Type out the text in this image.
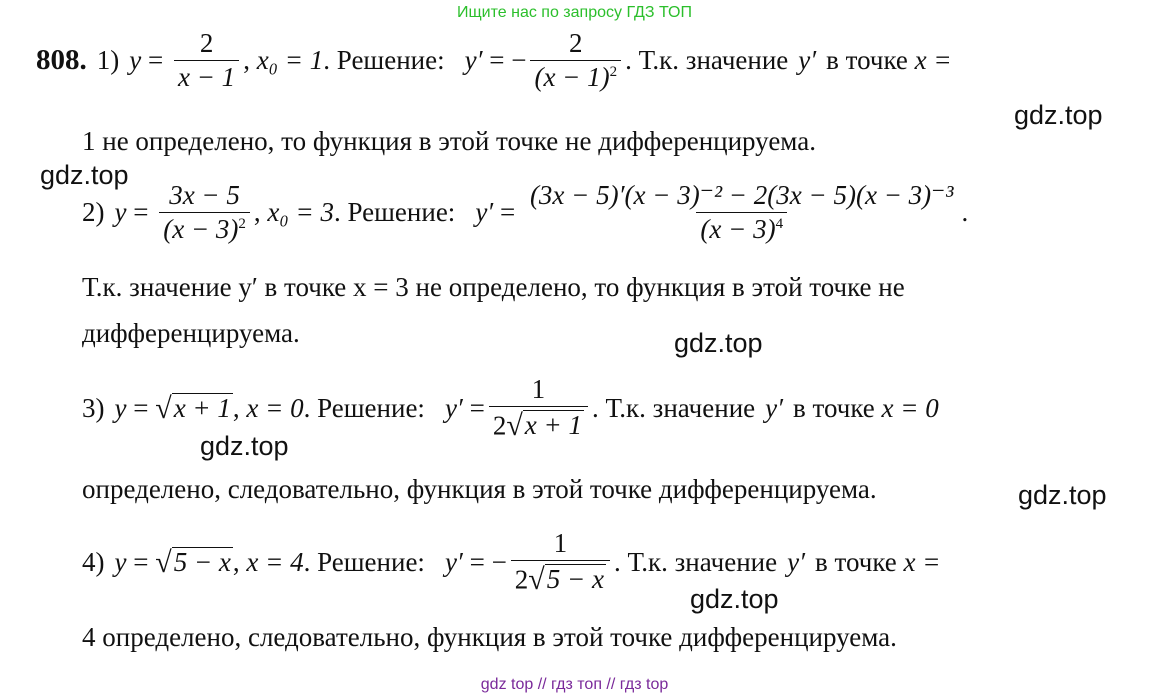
Ищите нас по запросу ГДЗ ТОП
gdz top // гдз топ // гдз top
gdz.top
gdz.top
gdz.top
gdz.top
gdz.top
gdz.top
808. 1) $y = \frac{2}{x - 1}$ , x₀ = 1 . Решение: y′ = − $\frac{2}{(x - 1)^2}$ . Т.к. значение y′ в точке
x =
1 не определено, то функция в этой точке не дифференцируема.
2) $y = \frac{3x - 5}{(x - 3)^2}$ , x₀ = 3 . Решение: $y' = \frac{\text{(3x − 5)′(x − 3)⁻² − 2(3x − 5)(x − 3)⁻³}}{(x - 3)^4}$ .
Т.к. значение y′ в точке x = 3 не определено, то функция в этой точке не
дифференцируема.
3) y = √ x + 1 , x = 0 . Решение: $y' = \frac{1}{2 √ x + 1}$ . Т.к. значение y′ в точке
x = 0
определено, следовательно, функция в этой точке дифференцируема.
4) y = √ 5 − x , x = 4 . Решение: y′ = − $\frac{1}{2 √ 5 - x}$ . Т.к. значение y′ в точке
x =
4 определено, следовательно, функция в этой точке дифференцируема.
